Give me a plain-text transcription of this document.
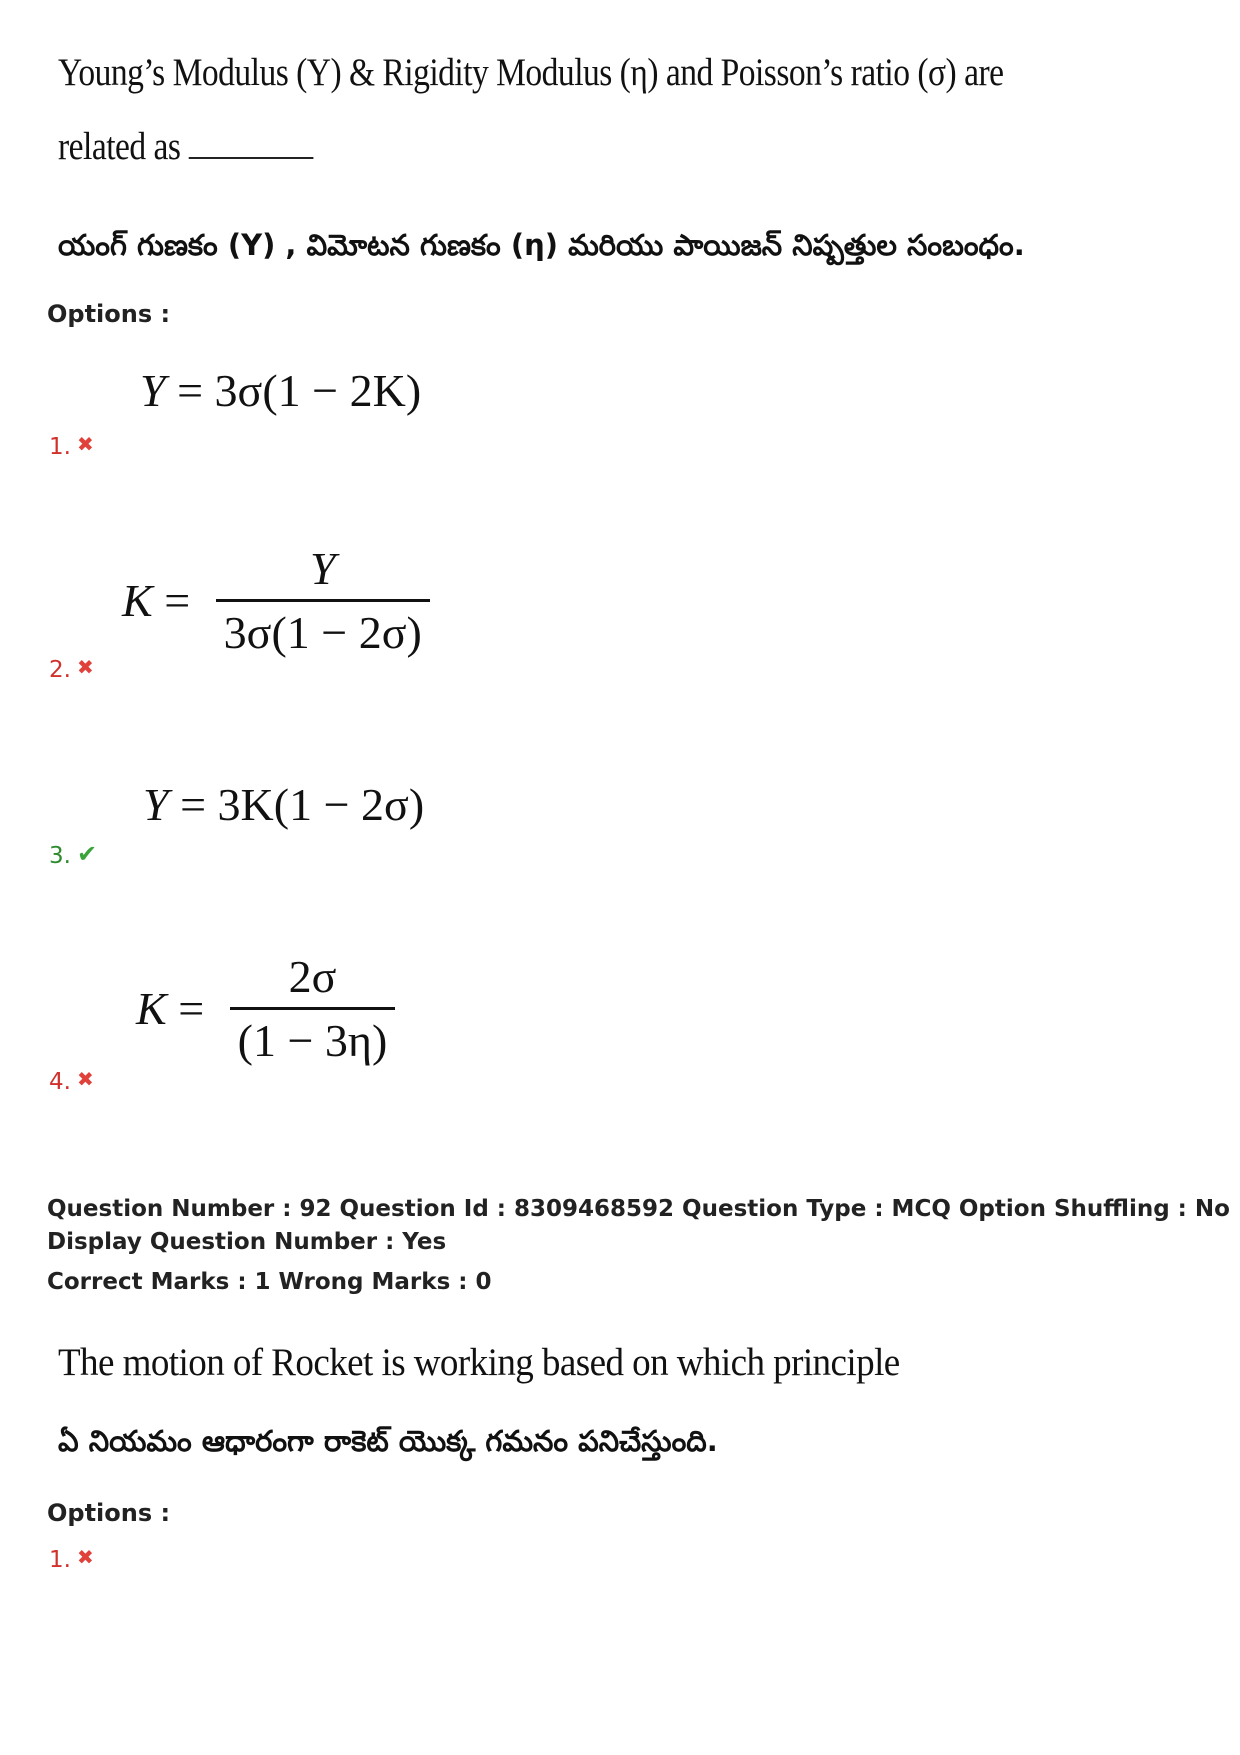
Young’s Modulus (Y) & Rigidity Modulus (η) and Poisson’s ratio (σ) are
related as
యంగ్ గుణకం (Y) , విమోటన గుణకం (η) మరియు పాయిజన్ నిష్పత్తుల సంబంధం.
Options :
Y = 3σ(1 − 2K)
1. ✖
$K = \frac{Y}{3\sigma(1 - 2\sigma)}$
2. ✖
Y = 3K(1 − 2σ)
3. ✔
$K = \frac{2\sigma}{(1 - 3\eta)}$
4. ✖
Question Number : 92 Question Id : 8309468592 Question Type : MCQ Option Shuffling : No
Display Question Number : Yes
Correct Marks : 1 Wrong Marks : 0
The motion of Rocket is working based on which principle
ఏ నియమం ఆధారంగా రాకెట్ యొక్క గమనం పనిచేస్తుంది.
Options :
1. ✖
